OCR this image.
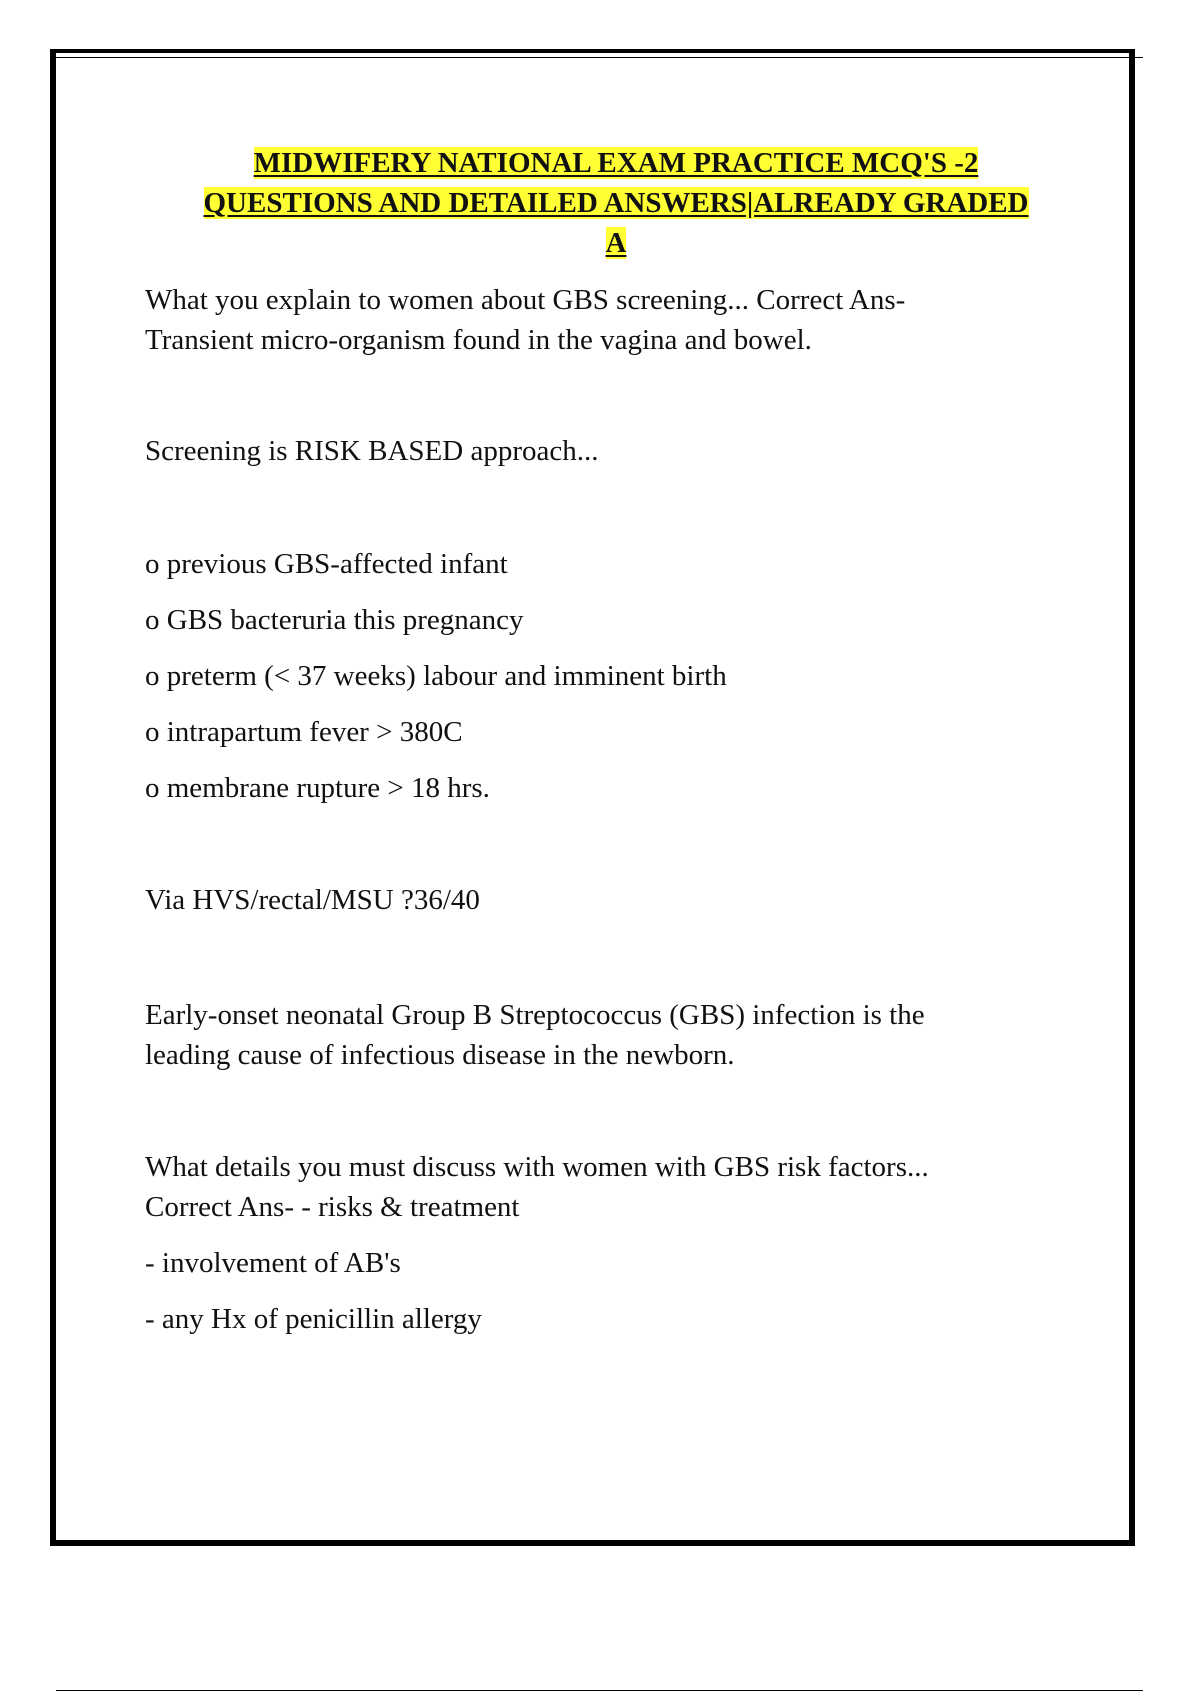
MIDWIFERY NATIONAL EXAM PRACTICE MCQ'S -2
QUESTIONS AND DETAILED ANSWERS|ALREADY GRADED
A
What you explain to women about GBS screening... Correct Ans-
Transient micro-organism found in the vagina and bowel.
Screening is RISK BASED approach...
o previous GBS-affected infant
o GBS bacteruria this pregnancy
o preterm (< 37 weeks) labour and imminent birth
o intrapartum fever > 380C
o membrane rupture > 18 hrs.
Via HVS/rectal/MSU ?36/40
Early-onset neonatal Group B Streptococcus (GBS) infection is the
leading cause of infectious disease in the newborn.
What details you must discuss with women with GBS risk factors...
Correct Ans- - risks & treatment
- involvement of AB's
- any Hx of penicillin allergy
